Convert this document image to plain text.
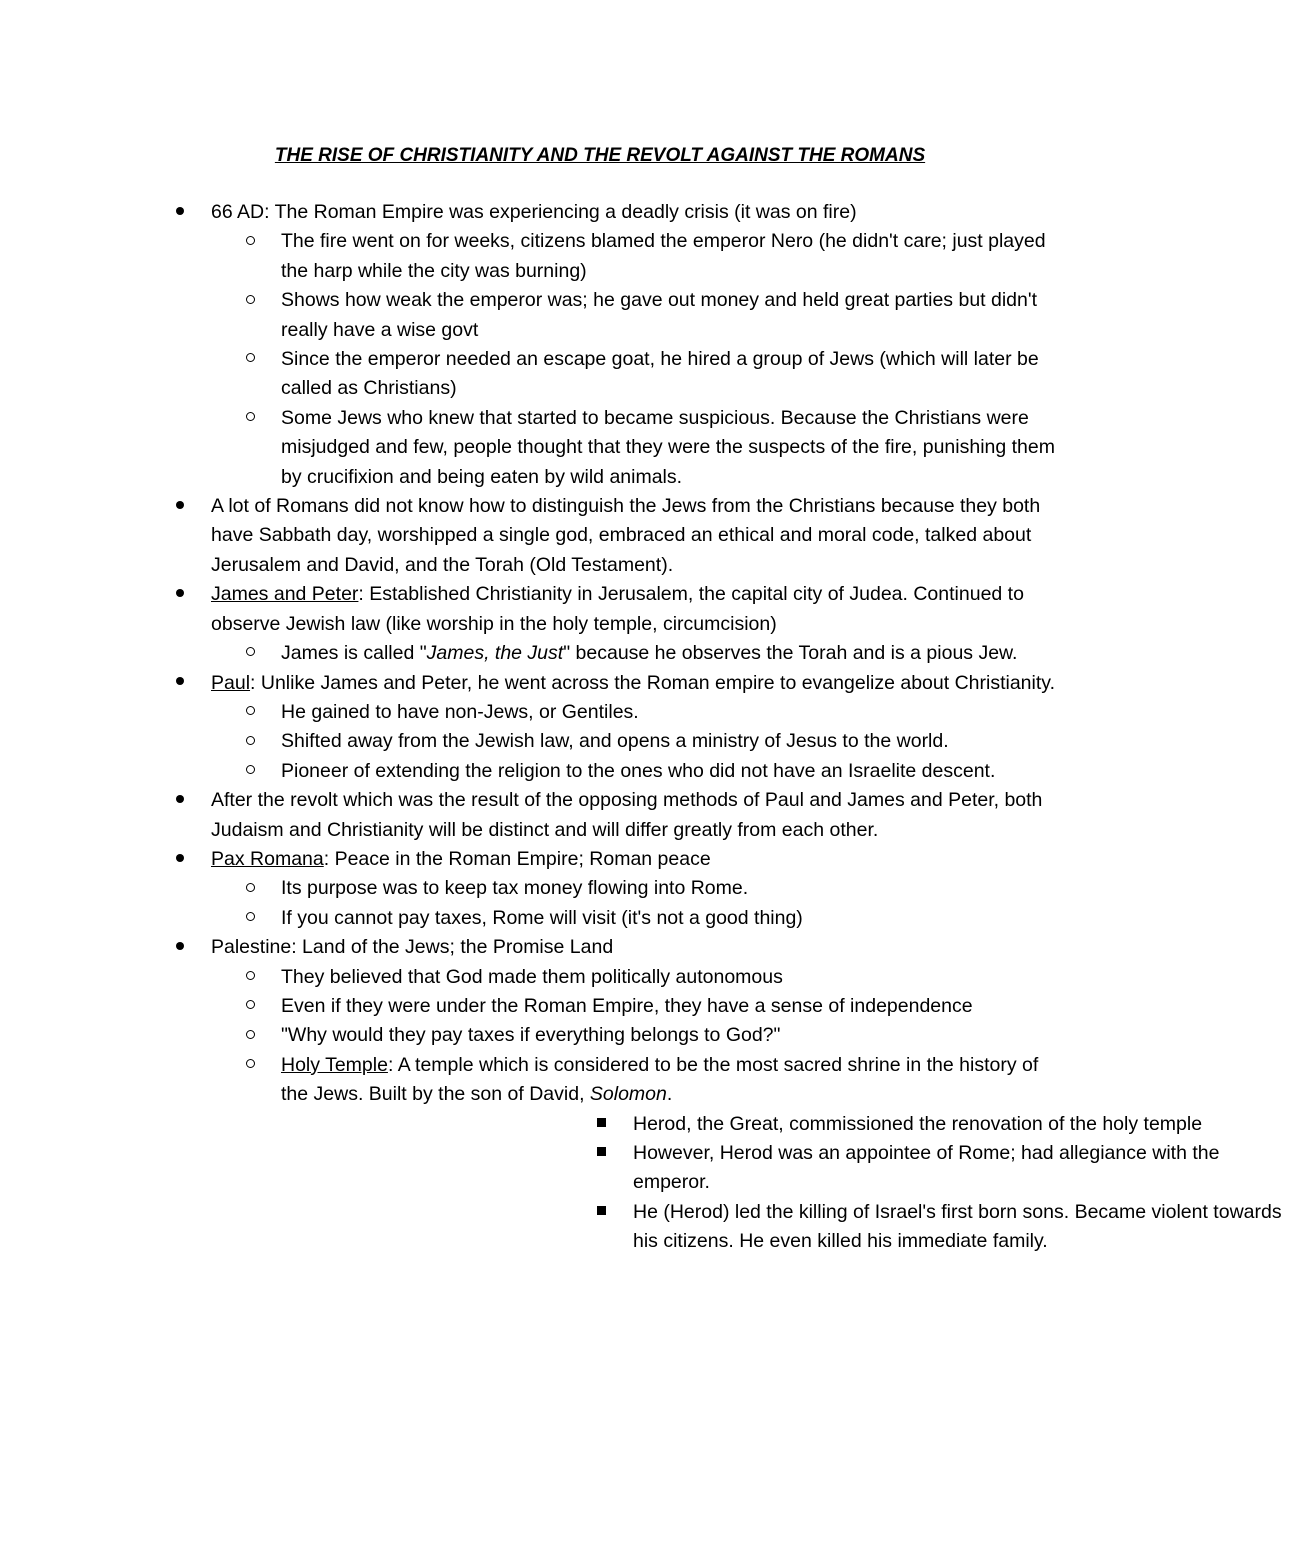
THE RISE OF CHRISTIANITY AND THE REVOLT AGAINST THE ROMANS
66 AD: The Roman Empire was experiencing a deadly crisis (it was on fire)
The fire went on for weeks, citizens blamed the emperor Nero (he didn't care; just played the harp while the city was burning)
Shows how weak the emperor was; he gave out money and held great parties but didn't really have a wise govt
Since the emperor needed an escape goat, he hired a group of Jews (which will later be called as Christians)
Some Jews who knew that started to became suspicious. Because the Christians were misjudged and few, people thought that they were the suspects of the fire, punishing them by crucifixion and being eaten by wild animals.
A lot of Romans did not know how to distinguish the Jews from the Christians because they both have Sabbath day, worshipped a single god, embraced an ethical and moral code, talked about Jerusalem and David, and the Torah (Old Testament).
James and Peter: Established Christianity in Jerusalem, the capital city of Judea. Continued to observe Jewish law (like worship in the holy temple, circumcision)
James is called "James, the Just" because he observes the Torah and is a pious Jew.
Paul: Unlike James and Peter, he went across the Roman empire to evangelize about Christianity.
He gained to have non-Jews, or Gentiles.
Shifted away from the Jewish law, and opens a ministry of Jesus to the world.
Pioneer of extending the religion to the ones who did not have an Israelite descent.
After the revolt which was the result of the opposing methods of Paul and James and Peter, both Judaism and Christianity will be distinct and will differ greatly from each other.
Pax Romana: Peace in the Roman Empire; Roman peace
Its purpose was to keep tax money flowing into Rome.
If you cannot pay taxes, Rome will visit (it's not a good thing)
Palestine: Land of the Jews; the Promise Land
They believed that God made them politically autonomous
Even if they were under the Roman Empire, they have a sense of independence
"Why would they pay taxes if everything belongs to God?"
Holy Temple: A temple which is considered to be the most sacred shrine in the history of the Jews. Built by the son of David, Solomon.
Herod, the Great, commissioned the renovation of the holy temple
However, Herod was an appointee of Rome; had allegiance with the emperor.
He (Herod) led the killing of Israel's first born sons. Became violent towards his citizens. He even killed his immediate family.
